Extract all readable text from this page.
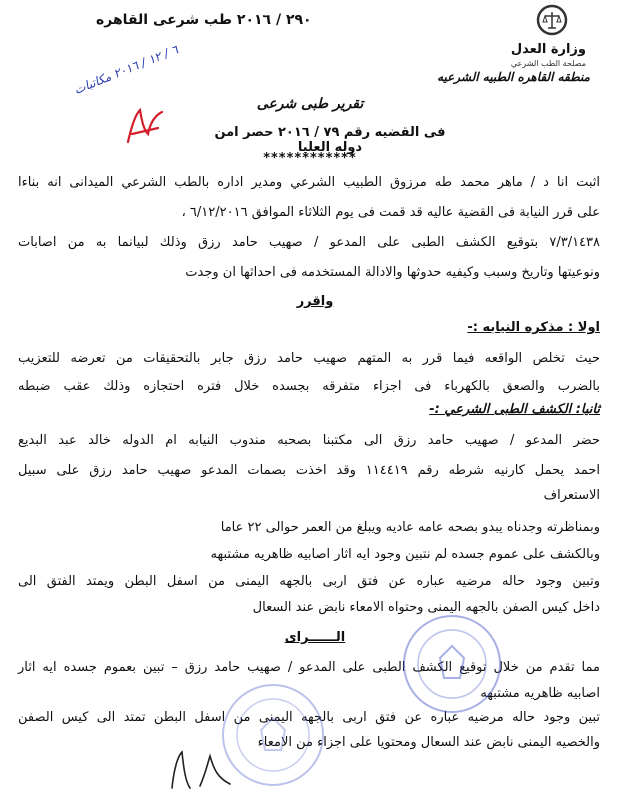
٢٩٠ / ٢٠١٦ طب شرعى القاهره
وزارة العدل
مصلحة الطب الشرعي
منطقه القاهره الطبيه الشرعيه
٦ / ١٢ / ٢٠١٦ مكاتبات
تقرير طبى شرعى
فى القضيه رقم ٧٩ / ٢٠١٦ حصر امن دوله العليا
************
اثبت انا د / ماهر محمد طه مرزوق الطبيب الشرعي ومدير اداره بالطب الشرعي الميدانى انه بناءا
على قرر النيابة فى القضية عاليه قد قمت فى يوم الثلاثاء الموافق ٦/١٢/٢٠١٦ ،
٧/٣/١٤٣٨ بتوقيع الكشف الطبى على المدعو / صهيب حامد رزق وذلك لبيانما به من اصابات
ونوعيتها وتاريخ وسبب وكيفيه حدوثها والادالة المستخدمه فى احداثها ان وجدت
واقرر
اولا : مذكره النيابه :-
حيث تخلص الواقعه فيما قرر به المتهم صهيب حامد رزق جابر بالتحقيقات من تعرضه للتعزيب
بالضرب والصعق بالكهرباء فى اجزاء متفرقه بجسده خلال فتره احتجازه وذلك عقب ضبطه
ثانيا: الكشف الطبى الشرعي :-
حضر المدعو / صهيب حامد رزق الى مكتبنا بصحبه مندوب النيابه ام الدوله خالد عبد البديع
احمد يحمل كارنيه شرطه رقم ١١٤٤١٩ وقد اخذت بصمات المدعو صهيب حامد رزق على سبيل
الاستعراف
وبمناظرته وجدناه يبدو بصحه عامه عاديه ويبلغ من العمر حوالى ٢٢ عاما
وبالكشف على عموم جسده لم نتبين وجود ايه اثار اصابيه ظاهريه مشتبهه
وتبين وجود حاله مرضيه عباره عن فتق اربى بالجهه اليمنى من اسفل البطن ويمتد الفتق الى
داخل كيس الصفن بالجهه اليمنى وحتواه الامعاء نابض عند السعال
الــــــراى
مما تقدم من خلال توقيع الكشف الطبى على المدعو / صهيب حامد رزق – تبين بعموم جسده ايه اثار
اصابيه ظاهريه مشتبهه
تبين وجود حاله مرضيه عباره عن فتق اربى بالجهه اليمنى من اسفل البطن تمتد الى كيس الصفن
والخصيه اليمنى نابض عند السعال ومحتويا على اجزاء من الامعاء
